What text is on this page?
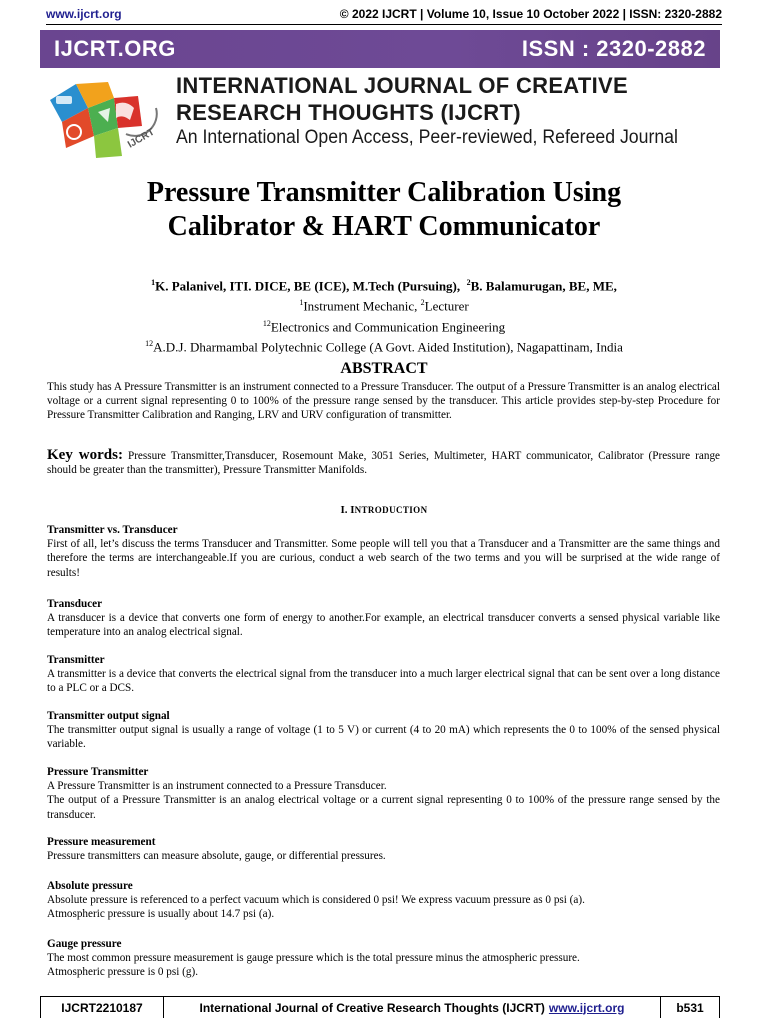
www.ijcrt.org	© 2022 IJCRT | Volume 10, Issue 10 October 2022 | ISSN: 2320-2882
IJCRT.ORG	ISSN : 2320-2882
IJCRT
INTERNATIONAL JOURNAL OF CREATIVE
RESEARCH THOUGHTS (IJCRT)
An International Open Access, Peer-reviewed, Refereed Journal
Pressure Transmitter Calibration Using
Calibrator & HART Communicator
$^1$K. Palanivel, ITI. DICE, BE (ICE), M.Tech (Pursuing), $^2$B. Balamurugan, BE, ME,
$^1$Instrument Mechanic, $^2$Lecturer
$^{12}$Electronics and Communication Engineering
$^{12}$A.D.J. Dharmambal Polytechnic College (A Govt. Aided Institution), Nagapattinam, India
ABSTRACT
This study has A Pressure Transmitter is an instrument connected to a Pressure Transducer. The output of a Pressure Transmitter is an analog electrical voltage or a current signal representing 0 to 100% of the pressure range sensed by the transducer. This article provides step-by-step Procedure for Pressure Transmitter Calibration and Ranging, LRV and URV configuration of transmitter.
Key words: Pressure Transmitter,Transducer, Rosemount Make, 3051 Series, Multimeter, HART communicator, Calibrator (Pressure range should be greater than the transmitter), Pressure Transmitter Manifolds.
I. INTRODUCTION
Transmitter vs. Transducer
First of all, let’s discuss the terms Transducer and Transmitter. Some people will tell you that a Transducer and a Transmitter are the same things and therefore the terms are interchangeable.If you are curious, conduct a web search of the two terms and you will be surprised at the wide range of results!
Transducer
A transducer is a device that converts one form of energy to another.For example, an electrical transducer converts a sensed physical variable like temperature into an analog electrical signal.
Transmitter
A transmitter is a device that converts the electrical signal from the transducer into a much larger electrical signal that can be sent over a long distance to a PLC or a DCS.
Transmitter output signal
The transmitter output signal is usually a range of voltage (1 to 5 V) or current (4 to 20 mA) which represents the 0 to 100% of the sensed physical variable.
Pressure Transmitter
A Pressure Transmitter is an instrument connected to a Pressure Transducer.
The output of a Pressure Transmitter is an analog electrical voltage or a current signal representing 0 to 100% of the pressure range sensed by the transducer.
Pressure measurement
Pressure transmitters can measure absolute, gauge, or differential pressures.
Absolute pressure
Absolute pressure is referenced to a perfect vacuum which is considered 0 psi! We express vacuum pressure as 0 psi (a).
Atmospheric pressure is usually about 14.7 psi (a).
Gauge pressure
The most common pressure measurement is gauge pressure which is the total pressure minus the atmospheric pressure.
Atmospheric pressure is 0 psi (g).
IJCRT2210187	International Journal of Creative Research Thoughts (IJCRT) www.ijcrt.org	b531
